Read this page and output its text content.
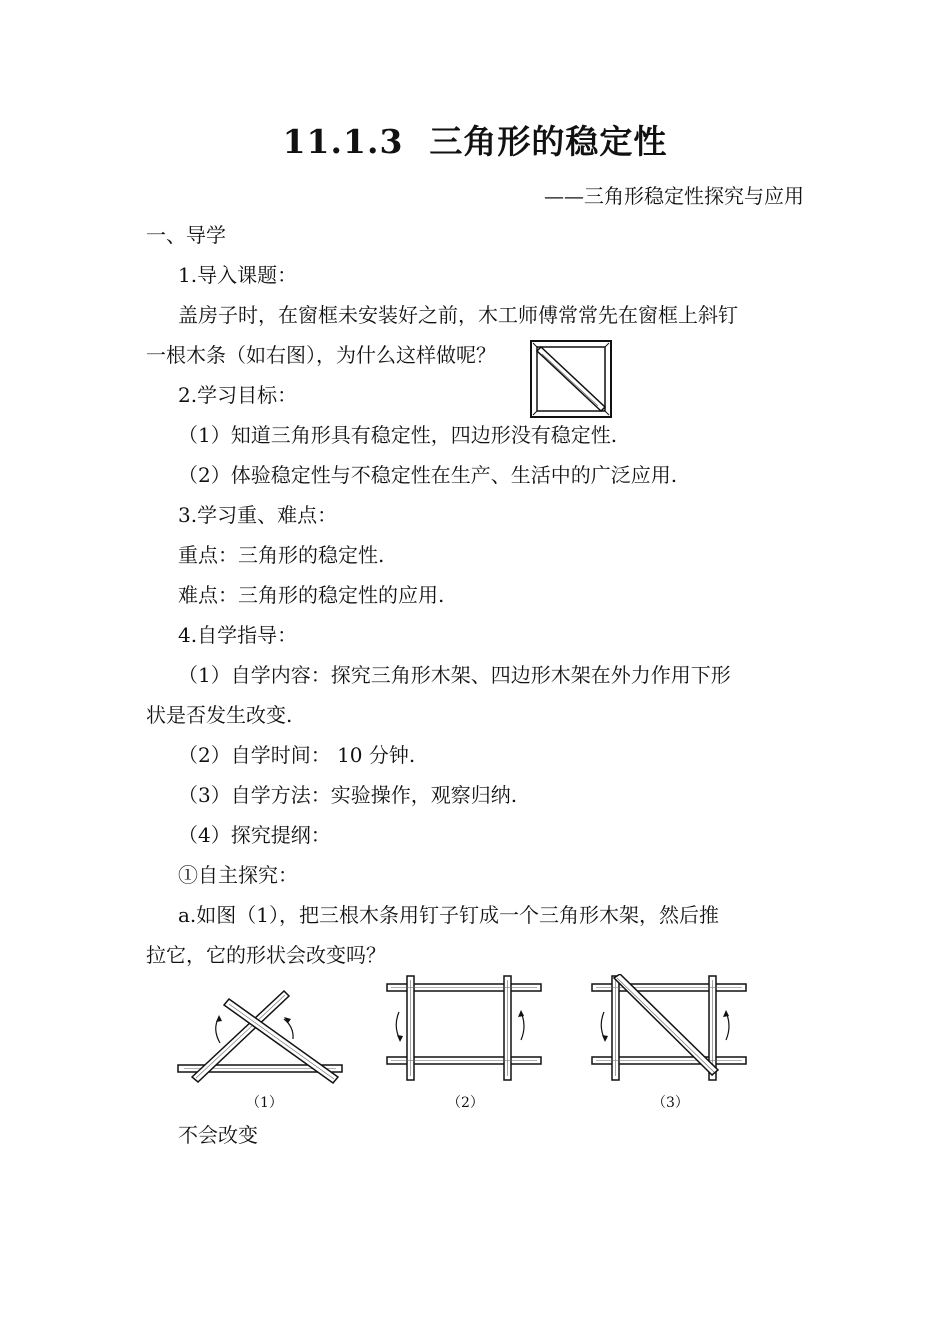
11.1.3 三角形的稳定性
——三角形稳定性探究与应用
一、导学
1.导入课题：
盖房子时，在窗框未安装好之前，木工师傅常常先在窗框上斜钉
一根木条（如右图），为什么这样做呢？
2.学习目标：
（1）知道三角形具有稳定性，四边形没有稳定性.
（2）体验稳定性与不稳定性在生产、生活中的广泛应用.
3.学习重、难点：
重点：三角形的稳定性.
难点：三角形的稳定性的应用.
4.自学指导：
（1）自学内容：探究三角形木架、四边形木架在外力作用下形
状是否发生改变.
（2）自学时间： 10 分钟.
（3）自学方法：实验操作，观察归纳.
（4）探究提纲：
①自主探究：
a.如图（1），把三根木条用钉子钉成一个三角形木架，然后推
拉它，它的形状会改变吗？
不会改变
（1）	（2）	（3）
